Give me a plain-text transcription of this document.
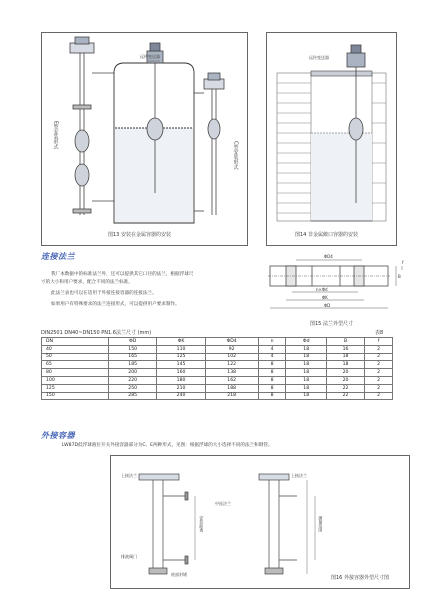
远传变送器
E型安装形式
C型安装形式
图13 安装在金属容器的安装
远传变送器
图14 非金属敞口容器的安装
连接法兰
我厂本数据中的标准法兰外，还可以提供其它口径的法兰，根据浮球尺
寸的大小和用户要求，配合不同的法兰标准。
此法兰表也可以在适用于外接连接容器的连接法兰。
如果用户有特殊要求的法兰连接形式，可以提供用户要求制作。
ΦD4
f
B
n×Φd
ΦK
ΦD
图15 法兰外型尺寸
DIN2501 DN40~DN150 PN1.6法兰尺寸 (mm)	表8
DN	ΦD	ΦK	ΦD4	n	Φd	B	f
40	150	110	92	4	18	16	2
50	165	125	102	4	18	18	2
65	185	145	122	8	18	18	2
80	200	160	138	8	18	20	2
100	220	180	162	8	18	20	2
125	250	210	188	8	18	22	2
150	285	240	218	8	18	22	2
外接容器
LW87D低浮球液位开关外接容器部分为C、E两种形式，见图：根据浮球的大小选择不同的法兰和钢管。
上接法兰
中连法兰
排液阀门
底部封堵
安装距离
上接法兰
测量范围
图16 外接容器外型尺寸图
